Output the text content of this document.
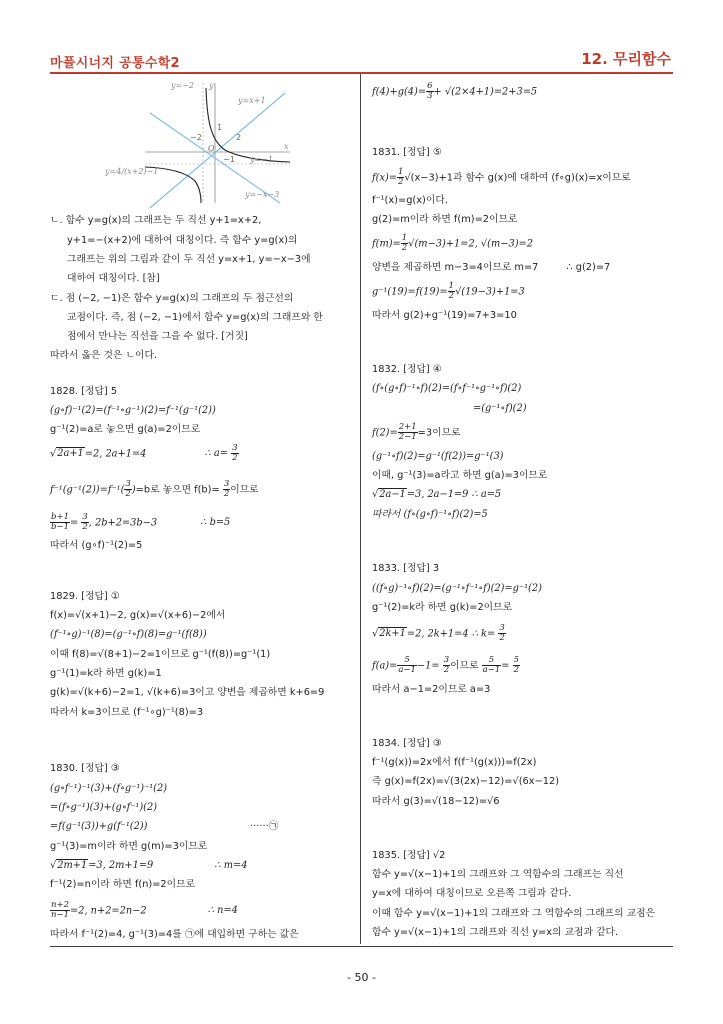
마플시너지 공통수학2	12. 무리함수
- 50 -
y=−2 y
y=x+1
1
−2	2
O	x
−1 y=−1
y=4/(x+2)−1
y=−x−3
ㄴ. 함수 y=g(x)의 그래프는 두 직선 y+1=x+2,
y+1=−(x+2)에 대하여 대칭이다. 즉 함수 y=g(x)의
그래프는 위의 그림과 같이 두 직선 y=x+1, y=−x−3에
대하여 대칭이다. [참]
ㄷ. 점 (−2, −1)은 함수 y=g(x)의 그래프의 두 점근선의
교점이다. 즉, 점 (−2, −1)에서 함수 y=g(x)의 그래프와 한
점에서 만나는 직선을 그을 수 없다. [거짓]
따라서 옳은 것은 ㄴ이다.
1828. [정답] 5
(g∘f)⁻¹(2)=(f⁻¹∘g⁻¹)(2)=f⁻¹(g⁻¹(2))
g⁻¹(2)=a로 놓으면 g(a)=2이므로
√2a+1=2, 2a+1=4	∴ $a= \frac{3}{2}$
$f^{-1}(g^{-1}(2))=f^{-1}( \frac{3}{2} )=b$로 놓으면 $f(b)= \frac{3}{2}$ 이므로
$\frac{b+1}{b-1} = \frac{3}{2}$ , 2b+2=3b−3	∴ b=5
따라서 (g∘f)⁻¹(2)=5
1829. [정답] ①
f(x)=√(x+1)−2, g(x)=√(x+6)−2에서
(f⁻¹∘g)⁻¹(8)=(g⁻¹∘f)(8)=g⁻¹(f(8))
이때 f(8)=√(8+1)−2=1이므로 g⁻¹(f(8))=g⁻¹(1)
g⁻¹(1)=k라 하면 g(k)=1
g(k)=√(k+6)−2=1, √(k+6)=3이고 양변을 제곱하면 k+6=9
따라서 k=3이므로 (f⁻¹∘g)⁻¹(8)=3
1830. [정답] ③
(g∘f⁻¹)⁻¹(3)+(f∘g⁻¹)⁻¹(2)
=(f∘g⁻¹)(3)+(g∘f⁻¹)(2)
=f(g⁻¹(3))+g(f⁻¹(2))	······㉠
g⁻¹(3)=m이라 하면 g(m)=3이므로
√2m+1=3, 2m+1=9	∴ m=4
f⁻¹(2)=n이라 하면 f(n)=2이므로
$\frac{n+2}{n-1} =2$, n+2=2n−2	∴ n=4
따라서 f⁻¹(2)=4, g⁻¹(3)=4를 ㉠에 대입하면 구하는 값은
$f(4)+g(4)= \frac{6}{3} + √(2\times 4+1)=2+3=5$
1831. [정답] ⑤
$f(x)= \frac{1}{2} √(x-3)+1$과 함수 g(x)에 대하여 (f∘g)(x)=x이므로
f⁻¹(x)=g(x)이다.
g(2)=m이라 하면 f(m)=2이므로
$f(m)= \frac{1}{2} √(m-3)+1=2$, √(m−3)=2
양변을 제곱하면 m−3=4이므로 m=7	∴ g(2)=7
$g^{-1}(19)=f(19)= \frac{1}{2} √(19-3)+1=3$
따라서 g(2)+g⁻¹(19)=7+3=10
1832. [정답] ④
(f∘(g∘f)⁻¹∘f)(2)=(f∘f⁻¹∘g⁻¹∘f)(2)
=(g⁻¹∘f)(2)
$f(2)= \frac{2+1}{2-1} =3$이므로
(g⁻¹∘f)(2)=g⁻¹(f(2))=g⁻¹(3)
이때, g⁻¹(3)=a라고 하면 g(a)=3이므로
√2a−1=3, 2a−1=9 ∴ a=5
따라서 (f∘(g∘f)⁻¹∘f)(2)=5
1833. [정답] 3
((f∘g)⁻¹∘f)(2)=(g⁻¹∘f⁻¹∘f)(2)=g⁻¹(2)
g⁻¹(2)=k라 하면 g(k)=2이므로
√2k+1=2, 2k+1=4 ∴ $k= \frac{3}{2}$
$f(a)= \frac{5}{a-1} -1= \frac{3}{2}$ 이므로 $\frac{5}{a-1} = \frac{5}{2}$
따라서 a−1=2이므로 a=3
1834. [정답] ③
f⁻¹(g(x))=2x에서 f(f⁻¹(g(x)))=f(2x)
즉 g(x)=f(2x)=√(3(2x)−12)=√(6x−12)
따라서 g(3)=√(18−12)=√6
1835. [정답] √2
함수 y=√(x−1)+1의 그래프와 그 역함수의 그래프는 직선
y=x에 대하여 대칭이므로 오른쪽 그림과 같다.
이때 함수 y=√(x−1)+1의 그래프와 그 역함수의 그래프의 교점은
함수 y=√(x−1)+1의 그래프와 직선 y=x의 교점과 같다.
